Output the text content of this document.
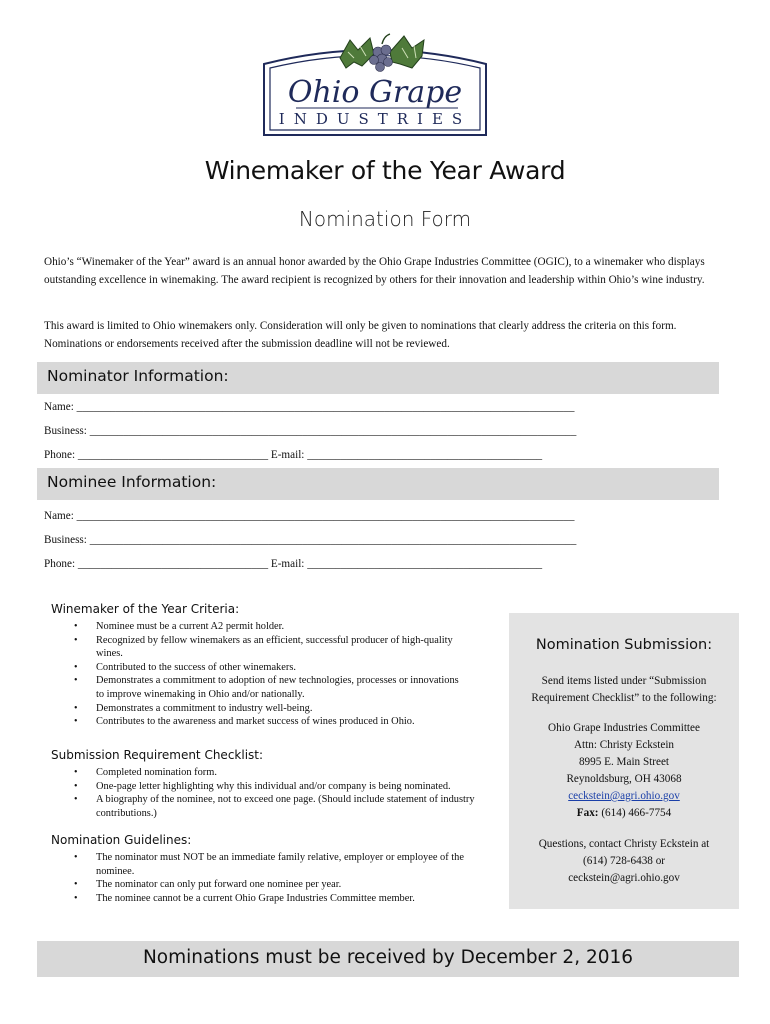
Ohio Grape
INDUSTRIES
Winemaker of the Year Award
Nomination Form
Ohio’s “Winemaker of the Year” award is an annual honor awarded by the Ohio Grape Industries Committee (OGIC), to a winemaker who displays outstanding excellence in winemaking. The award recipient is recognized by others for their innovation and leadership within Ohio’s wine industry.
This award is limited to Ohio winemakers only. Consideration will only be given to nominations that clearly address the criteria on this form. Nominations or endorsements received after the submission deadline will not be reviewed.
Nominator Information:
Name: _________________________________________________________________________________________
Business: _______________________________________________________________________________________
Phone: __________________________________ E-mail: __________________________________________
Nominee Information:
Name: _________________________________________________________________________________________
Business: _______________________________________________________________________________________
Phone: __________________________________ E-mail: __________________________________________
Winemaker of the Year Criteria:
• Nominee must be a current A2 permit holder.
• Recognized by fellow winemakers as an efficient, successful producer of high-quality wines.
• Contributed to the success of other winemakers.
• Demonstrates a commitment to adoption of new technologies, processes or innovations to improve winemaking in Ohio and/or nationally.
• Demonstrates a commitment to industry well-being.
• Contributes to the awareness and market success of wines produced in Ohio.
Submission Requirement Checklist:
• Completed nomination form.
• One-page letter highlighting why this individual and/or company is being nominated.
• A biography of the nominee, not to exceed one page. (Should include statement of industry contributions.)
Nomination Guidelines:
• The nominator must NOT be an immediate family relative, employer or employee of the nominee.
• The nominator can only put forward one nominee per year.
• The nominee cannot be a current Ohio Grape Industries Committee member.
Nomination Submission:
Send items listed under “Submission
Requirement Checklist” to the following:
Ohio Grape Industries Committee
Attn: Christy Eckstein
8995 E. Main Street
Reynoldsburg, OH 43068
ceckstein@agri.ohio.gov
Fax: (614) 466-7754
Questions, contact Christy Eckstein at
(614) 728-6438 or
ceckstein@agri.ohio.gov
Nominations must be received by December 2, 2016
